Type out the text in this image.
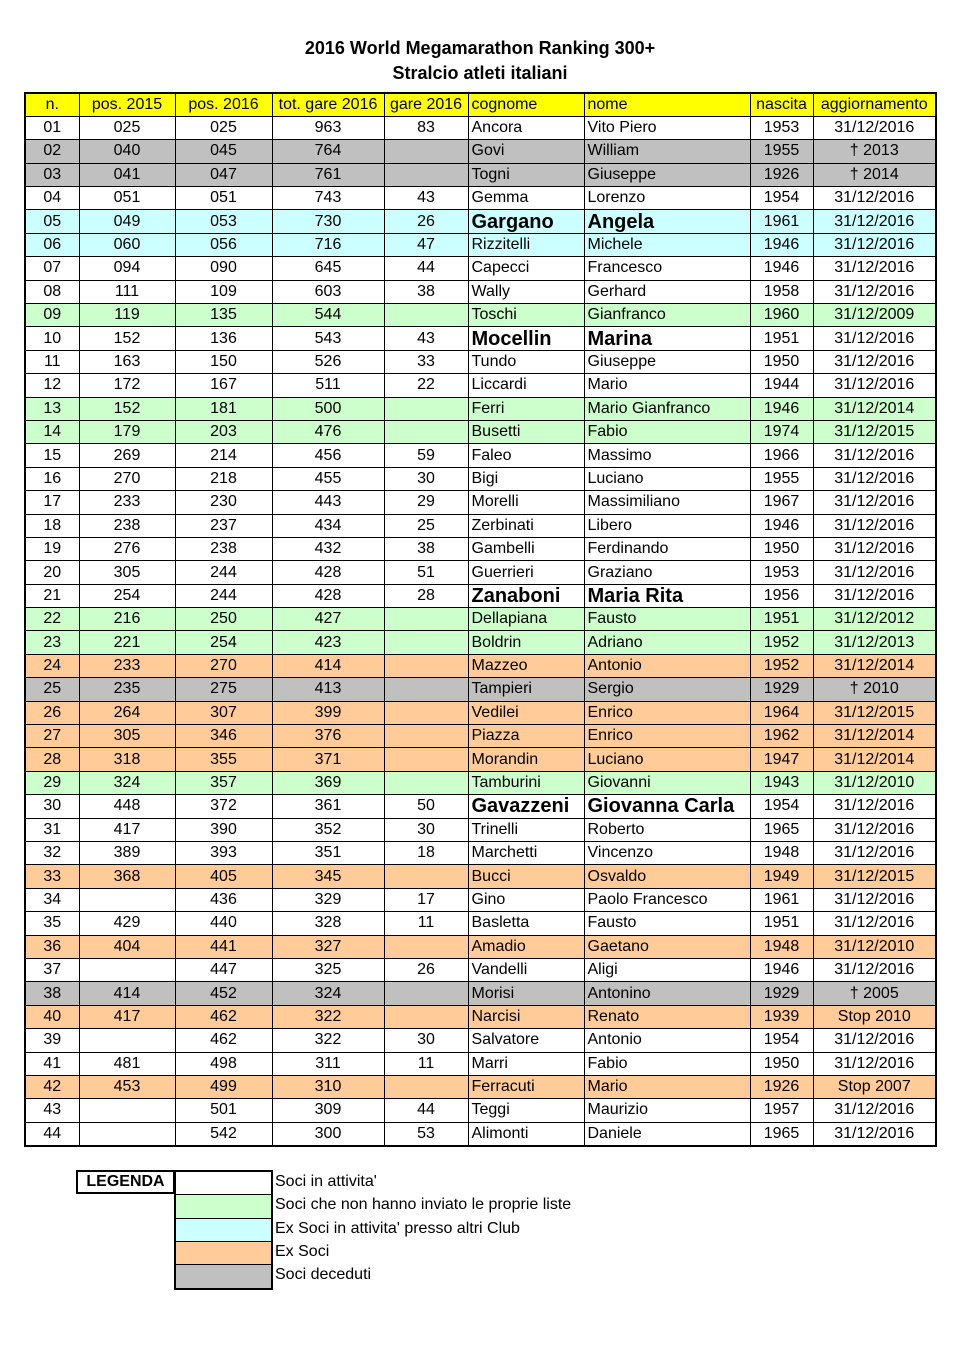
2016 World Megamarathon Ranking 300+
Stralcio atleti italiani
n.	pos. 2015	pos. 2016	tot. gare 2016	gare 2016	cognome	nome	nascita	aggiornamento
01	025	025	963	83	Ancora	Vito Piero	1953	31/12/2016
02	040	045	764		Govi	William	1955	† 2013
03	041	047	761		Togni	Giuseppe	1926	† 2014
04	051	051	743	43	Gemma	Lorenzo	1954	31/12/2016
05	049	053	730	26	Gargano	Angela	1961	31/12/2016
06	060	056	716	47	Rizzitelli	Michele	1946	31/12/2016
07	094	090	645	44	Capecci	Francesco	1946	31/12/2016
08	111	109	603	38	Wally	Gerhard	1958	31/12/2016
09	119	135	544		Toschi	Gianfranco	1960	31/12/2009
10	152	136	543	43	Mocellin	Marina	1951	31/12/2016
11	163	150	526	33	Tundo	Giuseppe	1950	31/12/2016
12	172	167	511	22	Liccardi	Mario	1944	31/12/2016
13	152	181	500		Ferri	Mario Gianfranco	1946	31/12/2014
14	179	203	476		Busetti	Fabio	1974	31/12/2015
15	269	214	456	59	Faleo	Massimo	1966	31/12/2016
16	270	218	455	30	Bigi	Luciano	1955	31/12/2016
17	233	230	443	29	Morelli	Massimiliano	1967	31/12/2016
18	238	237	434	25	Zerbinati	Libero	1946	31/12/2016
19	276	238	432	38	Gambelli	Ferdinando	1950	31/12/2016
20	305	244	428	51	Guerrieri	Graziano	1953	31/12/2016
21	254	244	428	28	Zanaboni	Maria Rita	1956	31/12/2016
22	216	250	427		Dellapiana	Fausto	1951	31/12/2012
23	221	254	423		Boldrin	Adriano	1952	31/12/2013
24	233	270	414		Mazzeo	Antonio	1952	31/12/2014
25	235	275	413		Tampieri	Sergio	1929	† 2010
26	264	307	399		Vedilei	Enrico	1964	31/12/2015
27	305	346	376		Piazza	Enrico	1962	31/12/2014
28	318	355	371		Morandin	Luciano	1947	31/12/2014
29	324	357	369		Tamburini	Giovanni	1943	31/12/2010
30	448	372	361	50	Gavazzeni	Giovanna Carla	1954	31/12/2016
31	417	390	352	30	Trinelli	Roberto	1965	31/12/2016
32	389	393	351	18	Marchetti	Vincenzo	1948	31/12/2016
33	368	405	345		Bucci	Osvaldo	1949	31/12/2015
34		436	329	17	Gino	Paolo Francesco	1961	31/12/2016
35	429	440	328	11	Basletta	Fausto	1951	31/12/2016
36	404	441	327		Amadio	Gaetano	1948	31/12/2010
37		447	325	26	Vandelli	Aligi	1946	31/12/2016
38	414	452	324		Morisi	Antonino	1929	† 2005
40	417	462	322		Narcisi	Renato	1939	Stop 2010
39		462	322	30	Salvatore	Antonio	1954	31/12/2016
41	481	498	311	11	Marri	Fabio	1950	31/12/2016
42	453	499	310		Ferracuti	Mario	1926	Stop 2007
43		501	309	44	Teggi	Maurizio	1957	31/12/2016
44		542	300	53	Alimonti	Daniele	1965	31/12/2016
LEGENDA	Soci in attivita'
Soci che non hanno inviato le proprie liste
Ex Soci in attivita' presso altri Club
Ex Soci
Soci deceduti
